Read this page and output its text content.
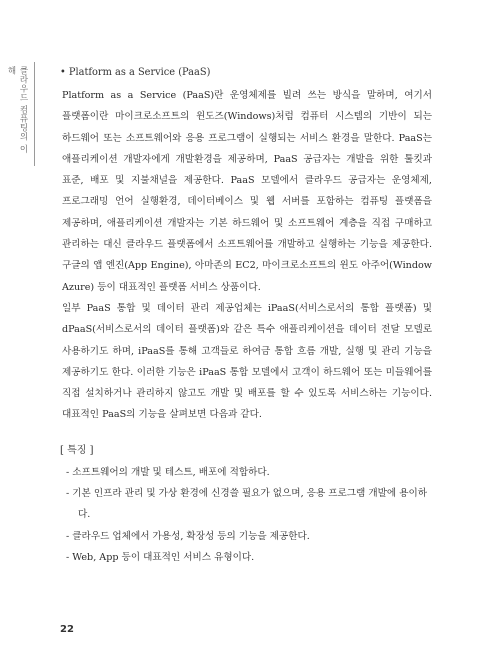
클라우드 컴퓨팅의 이해	• Platform as a Service (PaaS)

Platform as a Service (PaaS)란 운영체제를 빌려 쓰는 방식을 말하며, 여기서 플랫폼이란 마이크로소프트의 윈도즈(Windows)처럼 컴퓨터 시스템의 기반이 되는 하드웨어 또는 소프트웨어와 응용 프로그램이 실행되는 서비스 환경을 말한다. PaaS는 애플리케이션 개발자에게 개발환경을 제공하며, PaaS 공급자는 개발을 위한 툴킷과 표준, 배포 및 지불채널을 제공한다. PaaS 모델에서 클라우드 공급자는 운영체제, 프로그래밍 언어 실행환경, 데이터베이스 및 웹 서버를 포함하는 컴퓨팅 플랫폼을 제공하며, 애플리케이션 개발자는 기본 하드웨어 및 소프트웨어 계층을 직접 구매하고 관리하는 대신 클라우드 플랫폼에서 소프트웨어를 개발하고 실행하는 기능을 제공한다. 구글의 앱 엔진(App Engine), 아마존의 EC2, 마이크로소프트의 윈도 아주어(Window Azure) 등이 대표적인 플랫폼 서비스 상품이다.

일부 PaaS 통합 및 데이터 관리 제공업체는 iPaaS(서비스로서의 통합 플랫폼) 및 dPaaS(서비스로서의 데이터 플랫폼)와 같은 특수 애플리케이션을 데이터 전달 모델로 사용하기도 하며, iPaaS를 통해 고객들로 하여금 통합 흐름 개발, 실행 및 관리 기능을 제공하기도 한다. 이러한 기능은 iPaaS 통합 모델에서 고객이 하드웨어 또는 미들웨어를 직접 설치하거나 관리하지 않고도 개발 및 배포를 할 수 있도록 서비스하는 기능이다. 대표적인 PaaS의 기능을 살펴보면 다음과 같다.

[ 특징 ]
- 소프트웨어의 개발 및 테스트, 배포에 적합하다.
- 기본 인프라 관리 및 가상 환경에 신경쓸 필요가 없으며, 응용 프로그램 개발에 용이하다.
- 클라우드 업체에서 가용성, 확장성 등의 기능을 제공한다.
- Web, App 등이 대표적인 서비스 유형이다.
22
